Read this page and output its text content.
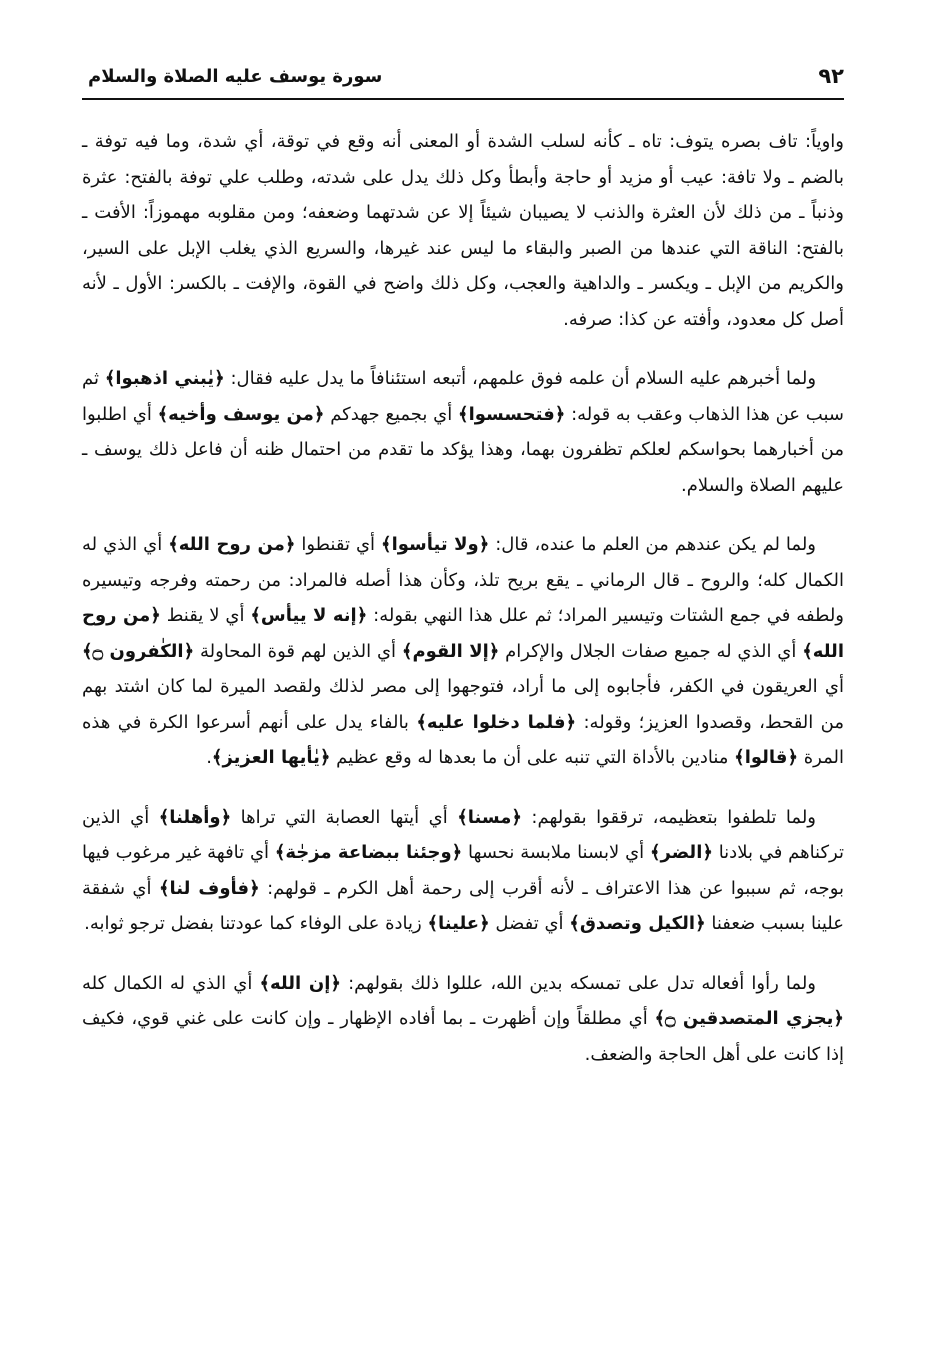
٩٢
سورة يوسف عليه الصلاة والسلام

واوياً: تاف بصره يتوف: تاه ـ كأنه لسلب الشدة أو المعنى أنه وقع في توقة، أي شدة، وما فيه توفة ـ بالضم ـ ولا تافة: عيب أو مزيد أو حاجة وأبطأ وكل ذلك يدل على شدته، وطلب علي توفة بالفتح: عثرة وذنباً ـ من ذلك لأن العثرة والذنب لا يصيبان شيئاً إلا عن شدتهما وضعفه؛ ومن مقلوبه مهموزاً: الأفت ـ بالفتح: الناقة التي عندها من الصبر والبقاء ما ليس عند غيرها، والسريع الذي يغلب الإبل على السير، والكريم من الإبل ـ ويكسر ـ والداهية والعجب، وكل ذلك واضح في القوة، والإفت ـ بالكسر: الأول ـ لأنه أصل كل معدود، وأفته عن كذا: صرفه.

ولما أخبرهم عليه السلام أن علمه فوق علمهم، أتبعه استئنافاً ما يدل عليه فقال: ﴿يٰبني اذهبوا﴾ ثم سبب عن هذا الذهاب وعقب به قوله: ﴿فتحسسوا﴾ أي بجميع جهدكم ﴿من يوسف وأخيه﴾ أي اطلبوا من أخبارهما بحواسكم لعلكم تظفرون بهما، وهذا يؤكد ما تقدم من احتمال ظنه أن فاعل ذلك يوسف ـ عليهم الصلاة والسلام.

ولما لم يكن عندهم من العلم ما عنده، قال: ﴿ولا تيأسوا﴾ أي تقنطوا ﴿من روح الله﴾ أي الذي له الكمال كله؛ والروح ـ قال الرماني ـ يقع بريح تلذ، وكأن هذا أصله فالمراد: من رحمته وفرجه وتيسيره ولطفه في جمع الشتات وتيسير المراد؛ ثم علل هذا النهي بقوله: ﴿إنه لا ييأس﴾ أي لا يقنط ﴿من روح الله﴾ أي الذي له جميع صفات الجلال والإكرام ﴿إلا القوم﴾ أي الذين لهم قوة المحاولة ﴿الكٰفرون ۝﴾ أي العريقون في الكفر، فأجابوه إلى ما أراد، فتوجهوا إلى مصر لذلك ولقصد الميرة لما كان اشتد بهم من القحط، وقصدوا العزيز؛ وقوله: ﴿فلما دخلوا عليه﴾ بالفاء يدل على أنهم أسرعوا الكرة في هذه المرة ﴿قالوا﴾ منادين بالأداة التي تنبه على أن ما بعدها له وقع عظيم ﴿يٰأيها العزيز﴾.

ولما تلطفوا بتعظيمه، ترققوا بقولهم: ﴿مسنا﴾ أي أيتها العصابة التي تراها ﴿وأهلنا﴾ أي الذين تركناهم في بلادنا ﴿الضر﴾ أي لابسنا ملابسة نحسها ﴿وجئنا ببضاعة مزجٰة﴾ أي تافهة غير مرغوب فيها بوجه، ثم سببوا عن هذا الاعتراف ـ لأنه أقرب إلى رحمة أهل الكرم ـ قولهم: ﴿فأوف لنا﴾ أي شفقة علينا بسبب ضعفنا ﴿الكيل وتصدق﴾ أي تفضل ﴿علينا﴾ زيادة على الوفاء كما عودتنا بفضل ترجو ثوابه.

ولما رأوا أفعاله تدل على تمسكه بدين الله، عللوا ذلك بقولهم: ﴿إن الله﴾ أي الذي له الكمال كله ﴿يجزي المتصدقين ۝﴾ أي مطلقاً وإن أظهرت ـ بما أفاده الإظهار ـ وإن كانت على غني قوي، فكيف إذا كانت على أهل الحاجة والضعف.
